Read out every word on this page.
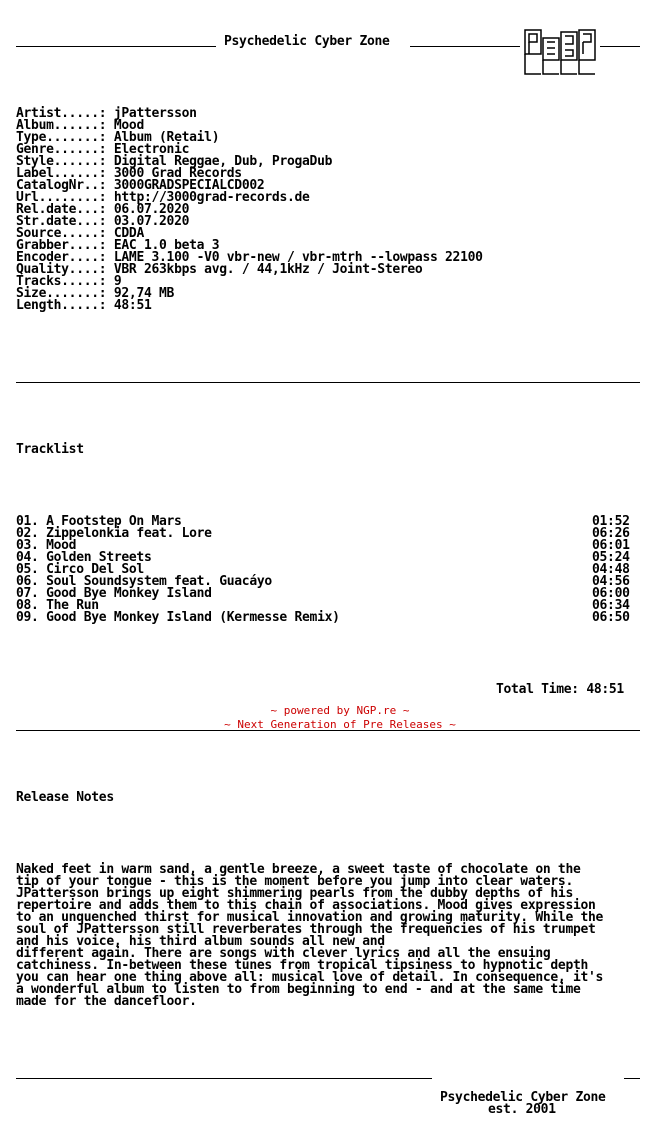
Psychedelic Cyber Zone

Artist.....: jPattersson
Album......: Mood
Type.......: Album (Retail)
Genre......: Electronic
Style......: Digital Reggae, Dub, ProgaDub
Label......: 3000 Grad Records
CatalogNr..: 3000GRADSPECIALCD002
Url........: http://3000grad-records.de
Rel.date...: 06.07.2020
Str.date...: 03.07.2020
Source.....: CDDA
Grabber....: EAC 1.0 beta 3
Encoder....: LAME 3.100 -V0 vbr-new / vbr-mtrh --lowpass 22100
Quality....: VBR 263kbps avg. / 44,1kHz / Joint-Stereo
Tracks.....: 9
Size.......: 92,74 MB
Length.....: 48:51

Tracklist

01. A Footstep On Mars	01:52
02. Zippelonkia feat. Lore	06:26
03. Mood	06:01
04. Golden Streets	05:24
05. Circo Del Sol	04:48
06. Soul Soundsystem feat. Guacáyo	04:56
07. Good Bye Monkey Island	06:00
08. The Run	06:34
09. Good Bye Monkey Island (Kermesse Remix)	06:50

Total Time: 48:51

Release Notes

Naked feet in warm sand, a gentle breeze, a sweet taste of chocolate on the
tip of your tongue - this is the moment before you jump into clear waters.
JPattersson brings up eight shimmering pearls from the dubby depths of his
repertoire and adds them to this chain of associations. Mood gives expression
to an unquenched thirst for musical innovation and growing maturity. While the
soul of JPattersson still reverberates through the frequencies of his trumpet
and his voice, his third album sounds all new and
different again. There are songs with clever lyrics and all the ensuing
catchiness. In-between these tunes from tropical tipsiness to hypnotic depth
you can hear one thing above all: musical love of detail. In consequence, it's
a wonderful album to listen to from beginning to end - and at the same time
made for the dancefloor.

Psychedelic Cyber Zone

est. 2001

~ powered by NGP.re ~
~ Next Generation of Pre Releases ~
